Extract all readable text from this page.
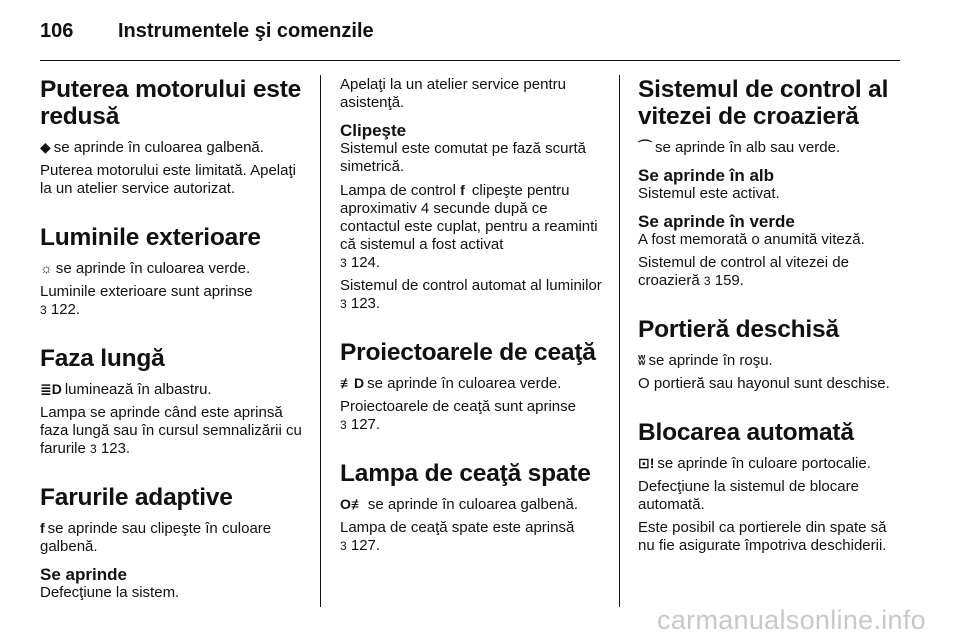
106 Instrumentele şi comenzile
Puterea motorului este redusă
◆ se aprinde în culoarea galbenă.
Puterea motorului este limitată. Apelaţi la un atelier service autorizat.
Luminile exterioare
☼ se aprinde în culoarea verde.
Luminile exterioare sunt aprinse
3 122.
Faza lungă
≣D luminează în albastru.
Lampa se aprinde când este aprinsă faza lungă sau în cursul semnalizării cu farurile 3 123.
Farurile adaptive
f se aprinde sau clipeşte în culoare galbenă.
Se aprinde
Defecţiune la sistem.
Apelaţi la un atelier service pentru asistenţă.
Clipeşte
Sistemul este comutat pe fază scurtă simetrică.
Lampa de control f clipeşte pentru aproximativ 4 secunde după ce contactul este cuplat, pentru a reaminti că sistemul a fost activat
3 124.
Sistemul de control automat al luminilor 3 123.
Proiectoarele de ceaţă
≢D se aprinde în culoarea verde.
Proiectoarele de ceaţă sunt aprinse
3 127.
Lampa de ceaţă spate
O≢ se aprinde în culoarea galbenă.
Lampa de ceaţă spate este aprinsă
3 127.
Sistemul de control al vitezei de croazieră
⌒ se aprinde în alb sau verde.
Se aprinde în alb
Sistemul este activat.
Se aprinde în verde
A fost memorată o anumită viteză.
Sistemul de control al vitezei de croazieră 3 159.
Portieră deschisă
ʬ se aprinde în roşu.
O portieră sau hayonul sunt deschise.
Blocarea automată
⊡! se aprinde în culoare portocalie.
Defecţiune la sistemul de blocare automată.
Este posibil ca portierele din spate să nu fie asigurate împotriva deschiderii.
carmanualsonline.info
